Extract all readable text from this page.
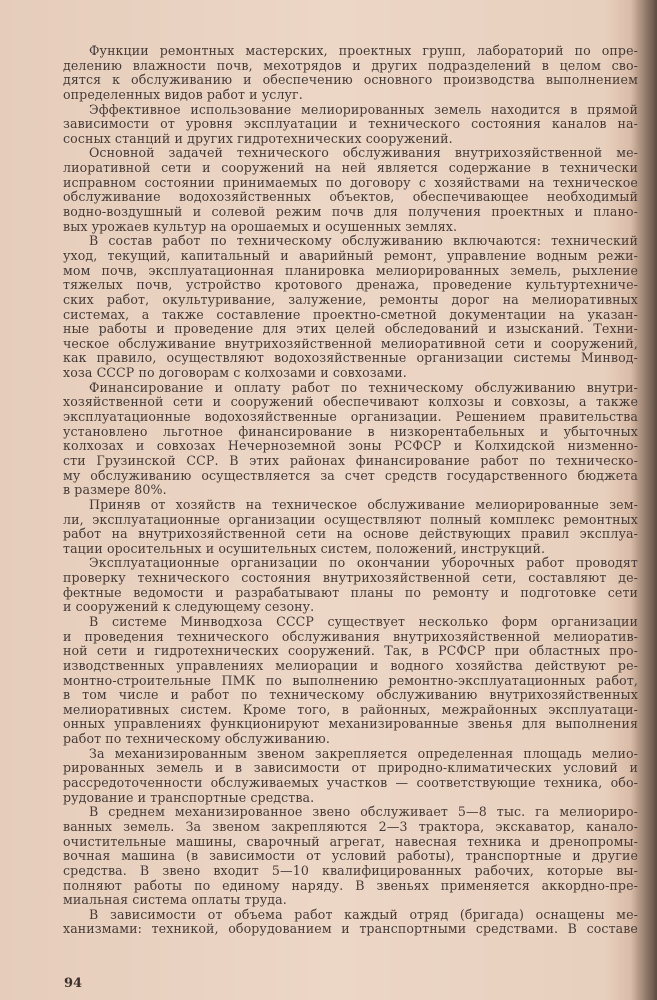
Функции ремонтных мастерских, проектных групп, лабораторий по опре-
делению влажности почв, мехотрядов и других подразделений в целом сво-
дятся к обслуживанию и обеспечению основного производства выполнением
определенных видов работ и услуг.
Эффективное использование мелиорированных земель находится в прямой
зависимости от уровня эксплуатации и технического состояния каналов на-
сосных станций и других гидротехнических сооружений.
Основной задачей технического обслуживания внутрихозяйственной ме-
лиоративной сети и сооружений на ней является содержание в технически
исправном состоянии принимаемых по договору с хозяйствами на техническое
обслуживание водохозяйственных объектов, обеспечивающее необходимый
водно-воздушный и солевой режим почв для получения проектных и плано-
вых урожаев культур на орошаемых и осушенных землях.
В состав работ по техническому обслуживанию включаются: технический
уход, текущий, капитальный и аварийный ремонт, управление водным режи-
мом почв, эксплуатационная планировка мелиорированных земель, рыхление
тяжелых почв, устройство кротового дренажа, проведение культуртехниче-
ских работ, окультуривание, залужение, ремонты дорог на мелиоративных
системах, а также составление проектно-сметной документации на указан-
ные работы и проведение для этих целей обследований и изысканий. Техни-
ческое обслуживание внутрихозяйственной мелиоративной сети и сооружений,
как правило, осуществляют водохозяйственные организации системы Минвод-
хоза СССР по договорам с колхозами и совхозами.
Финансирование и оплату работ по техническому обслуживанию внутри-
хозяйственной сети и сооружений обеспечивают колхозы и совхозы, а также
эксплуатационные водохозяйственные организации. Решением правительства
установлено льготное финансирование в низкорентабельных и убыточных
колхозах и совхозах Нечерноземной зоны РСФСР и Колхидской низменно-
сти Грузинской ССР. В этих районах финансирование работ по техническо-
му обслуживанию осуществляется за счет средств государственного бюджета
в размере 80%.
Приняв от хозяйств на техническое обслуживание мелиорированные зем-
ли, эксплуатационные организации осуществляют полный комплекс ремонтных
работ на внутрихозяйственной сети на основе действующих правил эксплуа-
тации оросительных и осушительных систем, положений, инструкций.
Эксплуатационные организации по окончании уборочных работ проводят
проверку технического состояния внутрихозяйственной сети, составляют де-
фектные ведомости и разрабатывают планы по ремонту и подготовке сети
и сооружений к следующему сезону.
В системе Минводхоза СССР существует несколько форм организации
и проведения технического обслуживания внутрихозяйственной мелиоратив-
ной сети и гидротехнических сооружений. Так, в РСФСР при областных про-
изводственных управлениях мелиорации и водного хозяйства действуют ре-
монтно-строительные ПМК по выполнению ремонтно-эксплуатационных работ,
в том числе и работ по техническому обслуживанию внутрихозяйственных
мелиоративных систем. Кроме того, в районных, межрайонных эксплуатаци-
онных управлениях функционируют механизированные звенья для выполнения
работ по техническому обслуживанию.
За механизированным звеном закрепляется определенная площадь мелио-
рированных земель и в зависимости от природно-климатических условий и
рассредоточенности обслуживаемых участков — соответствующие техника, обо-
рудование и транспортные средства.
В среднем механизированное звено обслуживает 5—8 тыс. га мелиориро-
ванных земель. За звеном закрепляются 2—3 трактора, экскаватор, канало-
очистительные машины, сварочный агрегат, навесная техника и дренопромы-
вочная машина (в зависимости от условий работы), транспортные и другие
средства. В звено входит 5—10 квалифицированных рабочих, которые вы-
полняют работы по единому наряду. В звеньях применяется аккордно-пре-
миальная система оплаты труда.
В зависимости от объема работ каждый отряд (бригада) оснащены ме-
ханизмами: техникой, оборудованием и транспортными средствами. В составе
94
